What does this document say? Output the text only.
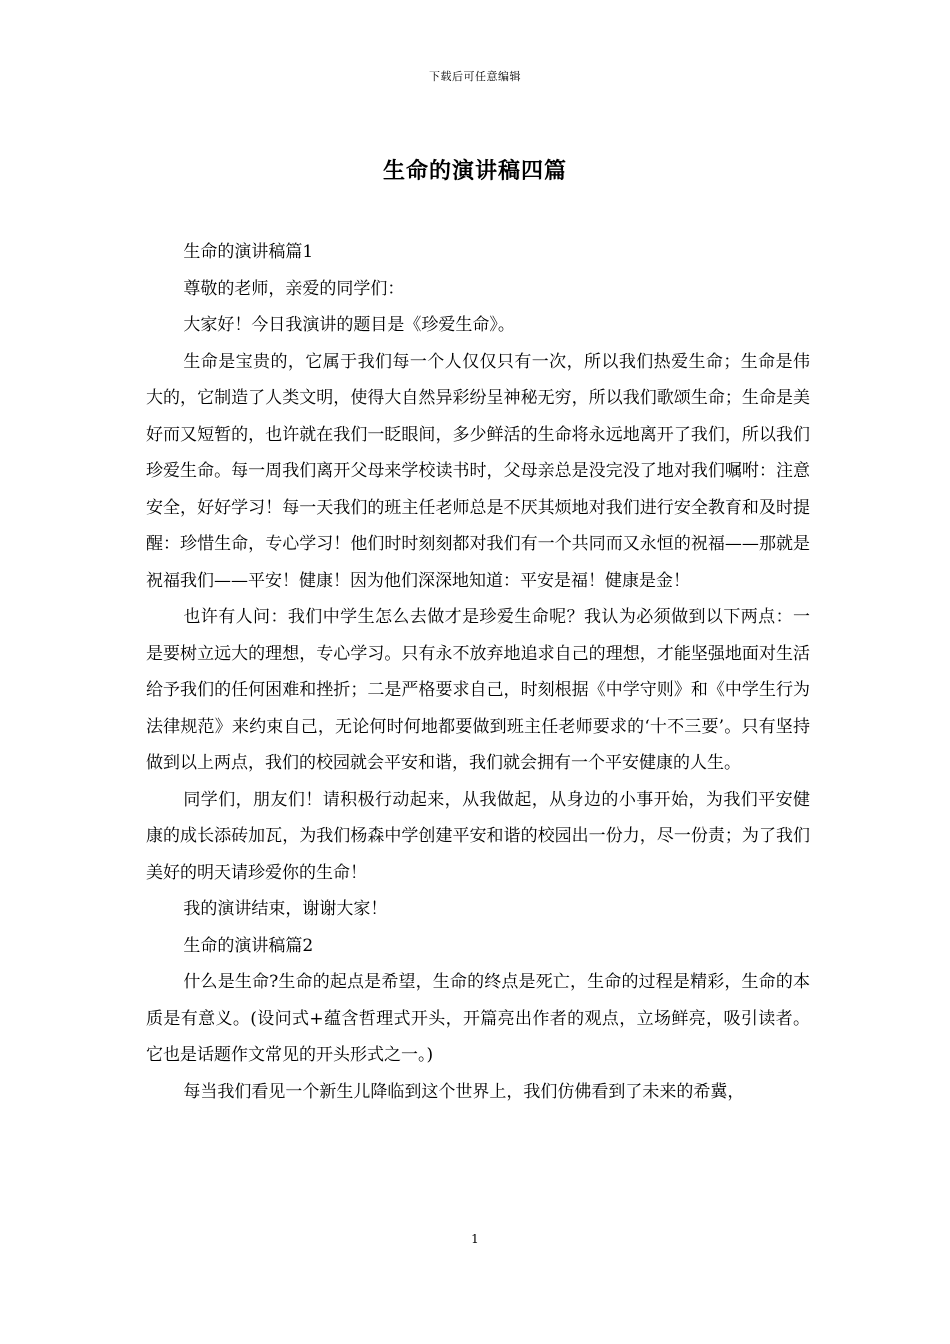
下载后可任意编辑
生命的演讲稿四篇

生命的演讲稿篇1

尊敬的老师，亲爱的同学们：

大家好！今日我演讲的题目是《珍爱生命》。

生命是宝贵的，它属于我们每一个人仅仅只有一次，所以我们热爱生命；生命是伟大的，它制造了人类文明，使得大自然异彩纷呈神秘无穷，所以我们歌颂生命；生命是美好而又短暂的，也许就在我们一眨眼间，多少鲜活的生命将永远地离开了我们，所以我们珍爱生命。每一周我们离开父母来学校读书时，父母亲总是没完没了地对我们嘱咐：注意安全，好好学习！每一天我们的班主任老师总是不厌其烦地对我们进行安全教育和及时提醒：珍惜生命，专心学习！他们时时刻刻都对我们有一个共同而又永恒的祝福——那就是祝福我们——平安！健康！因为他们深深地知道：平安是福！健康是金！

也许有人问：我们中学生怎么去做才是珍爱生命呢？我认为必须做到以下两点：一是要树立远大的理想，专心学习。只有永不放弃地追求自己的理想，才能坚强地面对生活给予我们的任何困难和挫折；二是严格要求自己，时刻根据《中学守则》和《中学生行为法律规范》来约束自己，无论何时何地都要做到班主任老师要求的‘十不三要’。只有坚持做到以上两点，我们的校园就会平安和谐，我们就会拥有一个平安健康的人生。

同学们，朋友们！请积极行动起来，从我做起，从身边的小事开始，为我们平安健康的成长添砖加瓦，为我们杨森中学创建平安和谐的校园出一份力，尽一份责；为了我们美好的明天请珍爱你的生命！

我的演讲结束，谢谢大家！

生命的演讲稿篇2

什么是生命?生命的起点是希望，生命的终点是死亡，生命的过程是精彩，生命的本质是有意义。(设问式+蕴含哲理式开头，开篇亮出作者的观点，立场鲜亮，吸引读者。它也是话题作文常见的开头形式之一。)

每当我们看见一个新生儿降临到这个世界上，我们仿佛看到了未来的希冀，

1
